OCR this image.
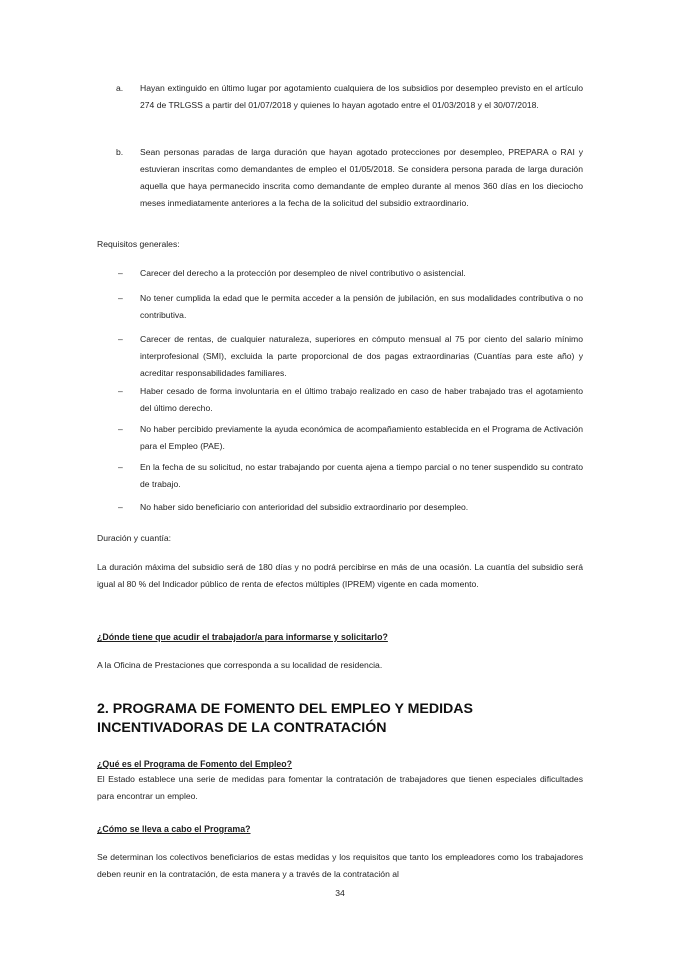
a. Hayan extinguido en último lugar por agotamiento cualquiera de los subsidios por desempleo previsto en el artículo 274 de TRLGSS a partir del 01/07/2018 y quienes lo hayan agotado entre el 01/03/2018 y el 30/07/2018.
b. Sean personas paradas de larga duración que hayan agotado protecciones por desempleo, PREPARA o RAI y estuvieran inscritas como demandantes de empleo el 01/05/2018. Se considera persona parada de larga duración aquella que haya permanecido inscrita como demandante de empleo durante al menos 360 días en los dieciocho meses inmediatamente anteriores a la fecha de la solicitud del subsidio extraordinario.
Requisitos generales:
– Carecer del derecho a la protección por desempleo de nivel contributivo o asistencial.
– No tener cumplida la edad que le permita acceder a la pensión de jubilación, en sus modalidades contributiva o no contributiva.
– Carecer de rentas, de cualquier naturaleza, superiores en cómputo mensual al 75 por ciento del salario mínimo interprofesional (SMI), excluida la parte proporcional de dos pagas extraordinarias (Cuantías para este año) y acreditar responsabilidades familiares.
– Haber cesado de forma involuntaria en el último trabajo realizado en caso de haber trabajado tras el agotamiento del último derecho.
– No haber percibido previamente la ayuda económica de acompañamiento establecida en el Programa de Activación para el Empleo (PAE).
– En la fecha de su solicitud, no estar trabajando por cuenta ajena a tiempo parcial o no tener suspendido su contrato de trabajo.
– No haber sido beneficiario con anterioridad del subsidio extraordinario por desempleo.
Duración y cuantía:
La duración máxima del subsidio será de 180 días y no podrá percibirse en más de una ocasión. La cuantía del subsidio será igual al 80 % del Indicador público de renta de efectos múltiples (IPREM) vigente en cada momento.
¿Dónde tiene que acudir el trabajador/a para informarse y solicitarlo?
A la Oficina de Prestaciones que corresponda a su localidad de residencia.
2. PROGRAMA DE FOMENTO DEL EMPLEO Y MEDIDAS INCENTIVADORAS DE LA CONTRATACIÓN
¿Qué es el Programa de Fomento del Empleo?
El Estado establece una serie de medidas para fomentar la contratación de trabajadores que tienen especiales dificultades para encontrar un empleo.
¿Cómo se lleva a cabo el Programa?
Se determinan los colectivos beneficiarios de estas medidas y los requisitos que tanto los empleadores como los trabajadores deben reunir en la contratación, de esta manera y a través de la contratación al
34
